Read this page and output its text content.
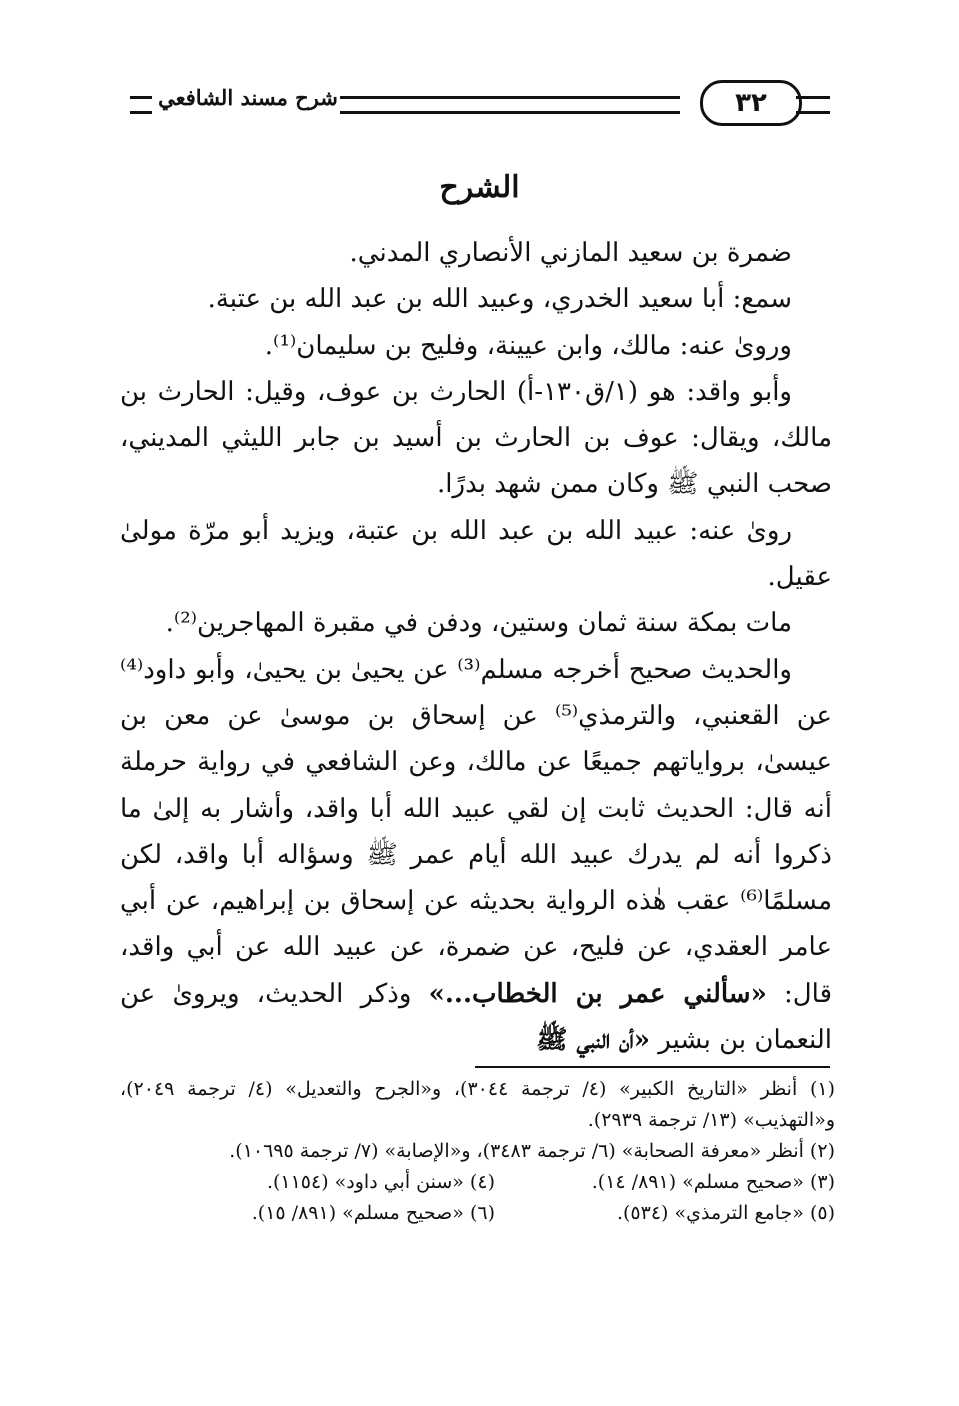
شرح مسند الشافعي	٣٢
الشرح

ضمرة بن سعيد المازني الأنصاري المدني.

سمع: أبا سعيد الخدري، وعبيد الله بن عبد الله بن عتبة.

وروىٰ عنه: مالك، وابن عيينة، وفليح بن سليمان⁽¹⁾.

وأبو واقد: هو (١/ق١٣٠-أ) الحارث بن عوف، وقيل: الحارث بن مالك، ويقال: عوف بن الحارث بن أسيد بن جابر الليثي المديني، صحب النبي ﷺ وكان ممن شهد بدرًا.

روىٰ عنه: عبيد الله بن عبد الله بن عتبة، ويزيد أبو مرّة مولىٰ عقيل.

مات بمكة سنة ثمان وستين، ودفن في مقبرة المهاجرين⁽²⁾.

والحديث صحيح أخرجه مسلم⁽³⁾ عن يحيىٰ بن يحيىٰ، وأبو داود⁽⁴⁾ عن القعنبي، والترمذي⁽⁵⁾ عن إسحاق بن موسىٰ عن معن بن عيسىٰ، برواياتهم جميعًا عن مالك، وعن الشافعي في رواية حرملة أنه قال: الحديث ثابت إن لقي عبيد الله أبا واقد، وأشار به إلىٰ ما ذكروا أنه لم يدرك عبيد الله أيام عمر ﷺ وسؤاله أبا واقد، لكن مسلمًا⁽⁶⁾ عقب هٰذه الرواية بحديثه عن إسحاق بن إبراهيم، عن أبي عامر العقدي، عن فليح، عن ضمرة، عن عبيد الله عن أبي واقد، قال: «سألني عمر بن الخطاب...» وذكر الحديث، ويروىٰ عن النعمان بن بشير «أن النبي ﷺ

(١) أنظر «التاريخ الكبير» (٤/ ترجمة ٣٠٤٤)، و«الجرح والتعديل» (٤/ ترجمة ٢٠٤٩)، و«التهذيب» (١٣/ ترجمة ٢٩٣٩).

(٢) أنظر «معرفة الصحابة» (٦/ ترجمة ٣٤٨٣)، و«الإصابة» (٧/ ترجمة ١٠٦٩٥).

(٣) «صحيح مسلم» (٨٩١/ ١٤).
(٤) «سنن أبي داود» (١١٥٤).
(٥) «جامع الترمذي» (٥٣٤).
(٦) «صحيح مسلم» (٨٩١/ ١٥).
